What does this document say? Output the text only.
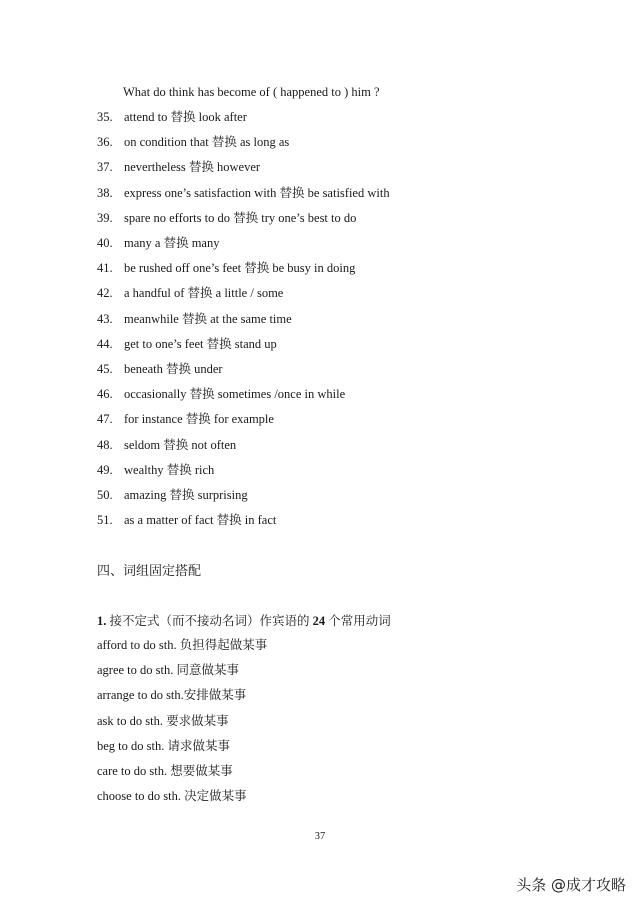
What do think has become of ( happened to ) him ?
35. attend to 替换 look after
36. on condition that 替换 as long as
37. nevertheless 替换 however
38. express one’s satisfaction with 替换 be satisfied with
39. spare no efforts to do 替换 try one’s best to do
40. many a 替换 many
41. be rushed off one’s feet 替换 be busy in doing
42. a handful of 替换 a little / some
43. meanwhile 替换 at the same time
44. get to one’s feet 替换 stand up
45. beneath 替换 under
46. occasionally 替换 sometimes /once in while
47. for instance 替换 for example
48. seldom 替换 not often
49. wealthy 替换 rich
50. amazing 替换 surprising
51. as a matter of fact 替换 in fact
四、词组固定搭配
1. 接不定式（而不接动名词）作宾语的 24 个常用动词
afford to do sth. 负担得起做某事
agree to do sth. 同意做某事
arrange to do sth.安排做某事
ask to do sth. 要求做某事
beg to do sth. 请求做某事
care to do sth. 想要做某事
choose to do sth. 决定做某事
37
头条 @成才攻略
